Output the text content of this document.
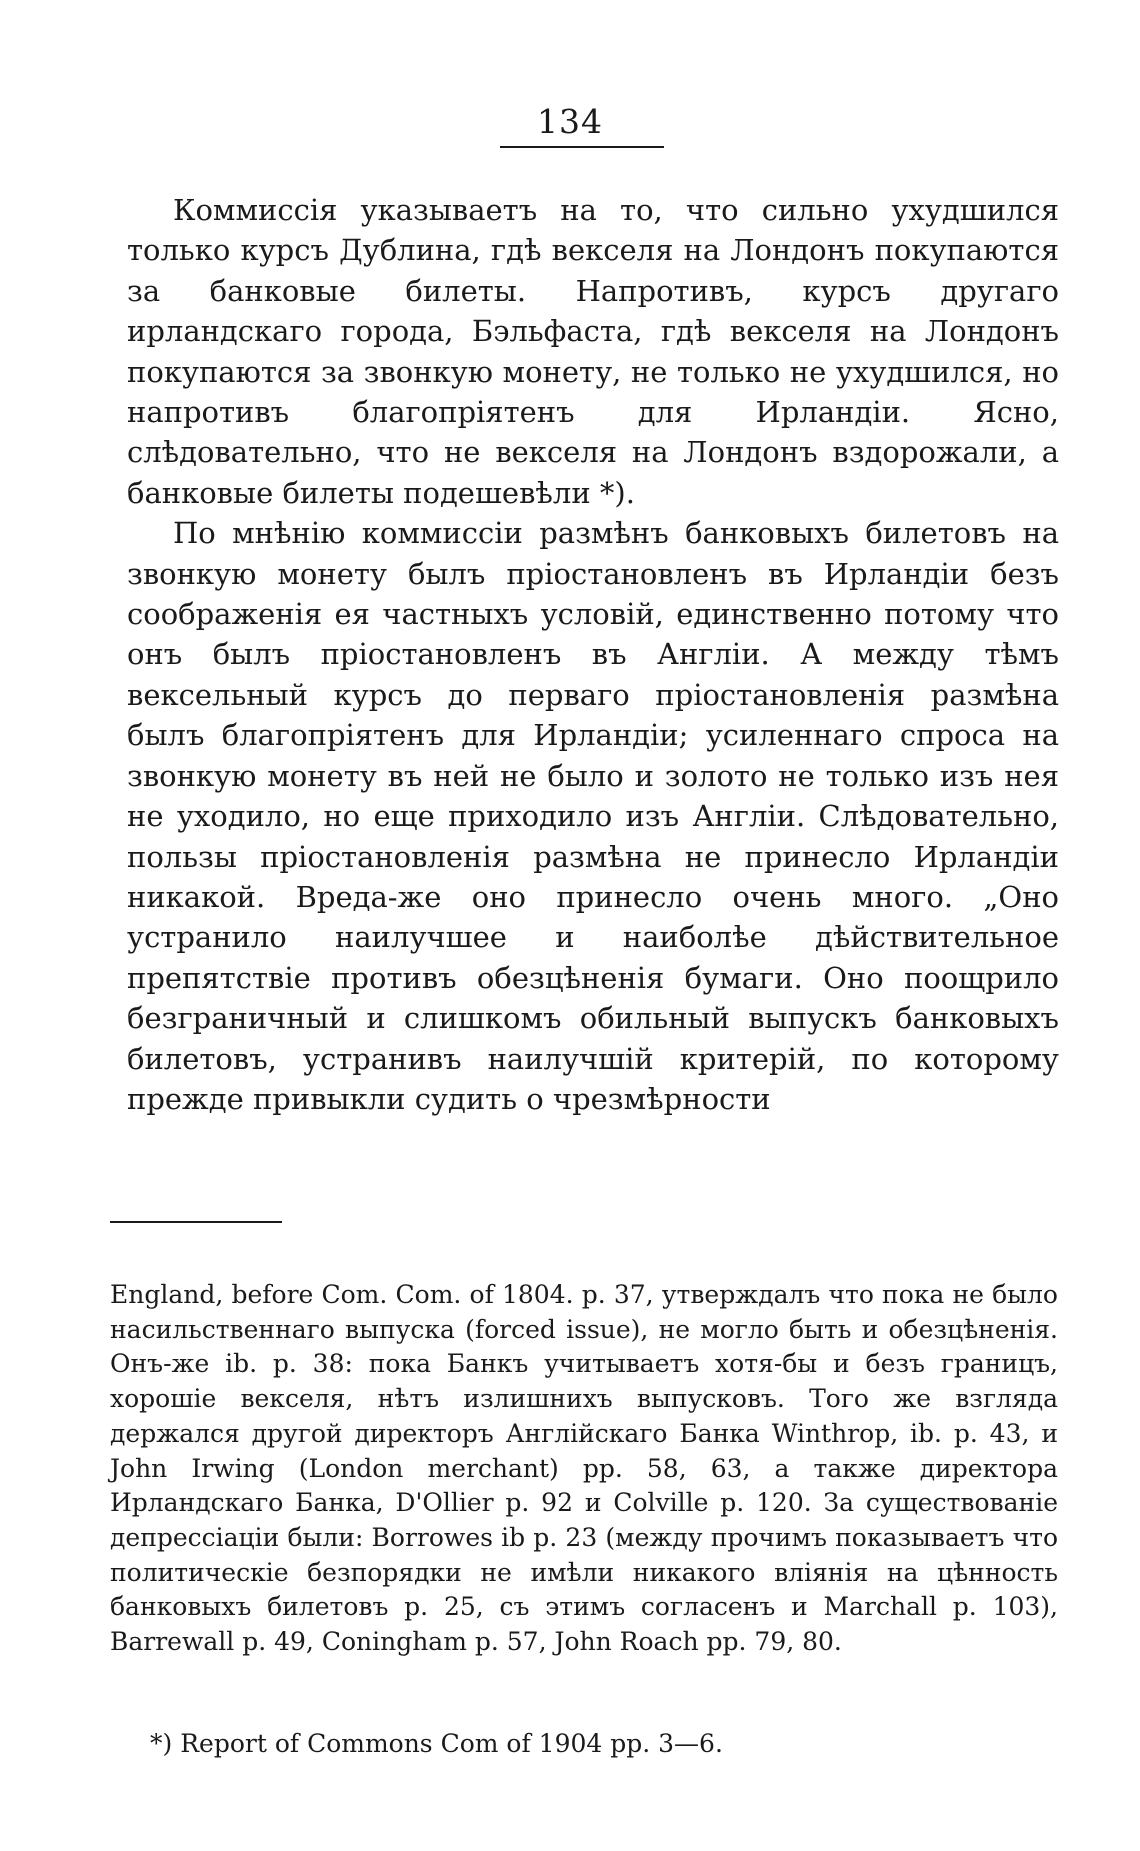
134

Коммиссія указываетъ на то, что сильно ухудшился только курсъ Дублина, гдѣ векселя на Лондонъ покупаются за банковые билеты. Напротивъ, курсъ другаго ирландскаго города, Бэльфаста, гдѣ векселя на Лондонъ покупаются за звонкую монету, не только не ухудшился, но напротивъ благопріятенъ для Ирландіи. Ясно, слѣдовательно, что не векселя на Лондонъ вздорожали, а банковые билеты подешевѣли *).

По мнѣнію коммиссіи размѣнъ банковыхъ билетовъ на звонкую монету былъ пріостановленъ въ Ирландіи безъ соображенія ея частныхъ условій, единственно потому что онъ былъ пріостановленъ въ Англіи. А между тѣмъ вексельный курсъ до перваго пріостановленія размѣна былъ благопріятенъ для Ирландіи; усиленнаго спроса на звонкую монету въ ней не было и золото не только изъ нея не уходило, но еще приходило изъ Англіи. Слѣдовательно, пользы пріостановленія размѣна не принесло Ирландіи никакой. Вреда-же оно принесло очень много. „Оно устранило наилучшее и наиболѣе дѣйствительное препятствіе противъ обезцѣненія бумаги. Оно поощрило безграничный и слишкомъ обильный выпускъ банковыхъ билетовъ, устранивъ наилучшій критерій, по которому прежде привыкли судить о чрезмѣрности

England, before Com. Com. of 1804. p. 37, утверждалъ что пока не было насильственнаго выпуска (forced issue), не могло быть и обезцѣненія. Онъ-же ib. p. 38: пока Банкъ учитываетъ хотя-бы и безъ границъ, хорошіе векселя, нѣтъ излишнихъ выпусковъ. Того же взгляда держался другой директоръ Англійскаго Банка Winthrop, ib. p. 43, и John Irwing (London merchant) pp. 58, 63, а также директора Ирландскаго Банка, D'Ollier p. 92 и Colville p. 120. За существованіе депрессіаціи были: Borrowes ib p. 23 (между прочимъ показываетъ что политическіе безпорядки не имѣли никакого вліянія на цѣнность банковыхъ билетовъ p. 25, съ этимъ согласенъ и Marchall p. 103), Barrewall p. 49, Coningham p. 57, John Roach pp. 79, 80.

*) Report of Commons Com of 1904 pp. 3—6.
